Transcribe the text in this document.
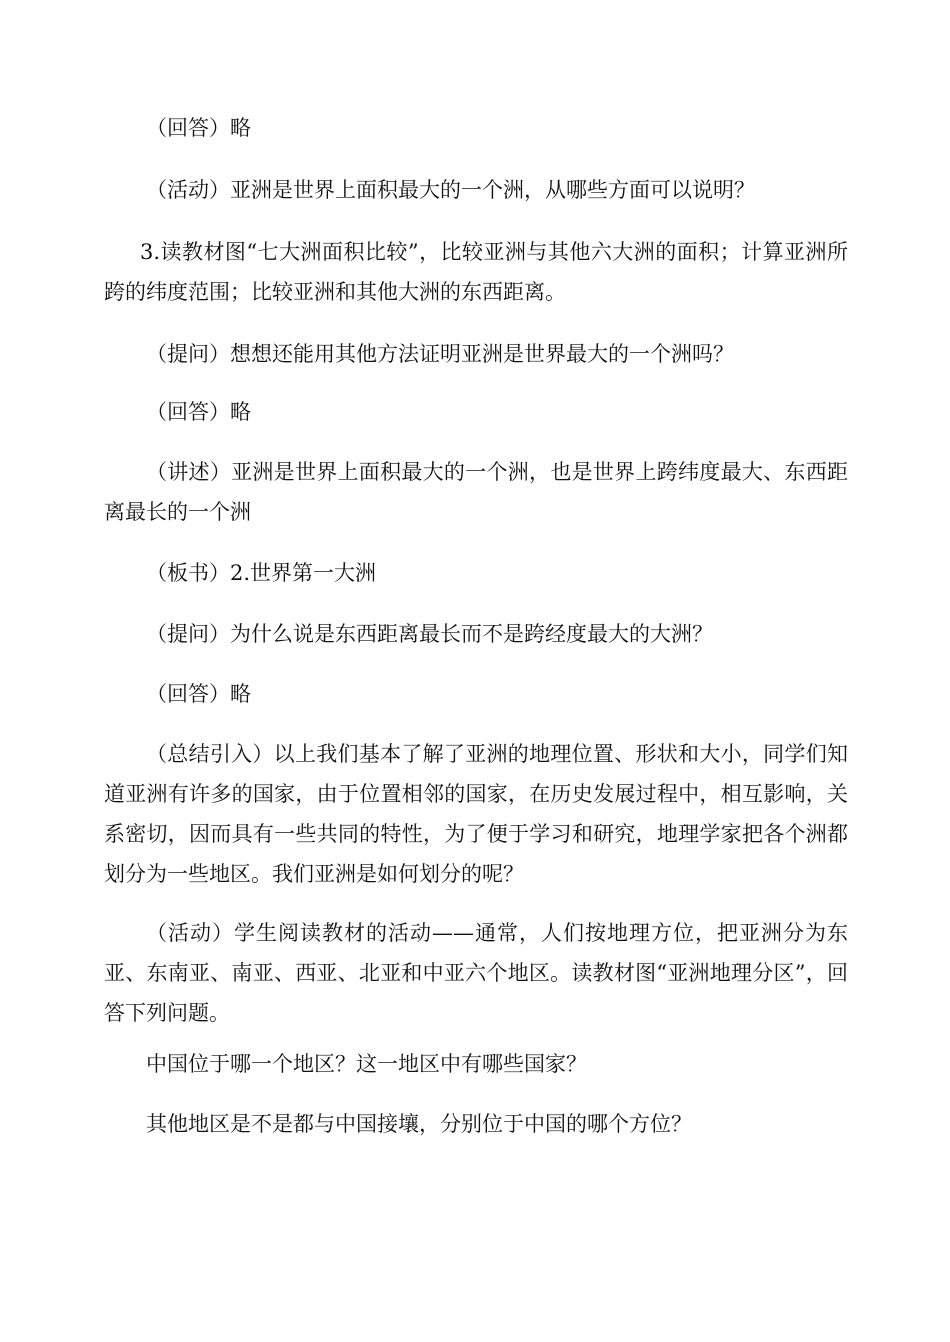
（回答）略

（活动）亚洲是世界上面积最大的一个洲，从哪些方面可以说明？

3.读教材图“七大洲面积比较”，比较亚洲与其他六大洲的面积；计算亚洲所跨的纬度范围；比较亚洲和其他大洲的东西距离。

（提问）想想还能用其他方法证明亚洲是世界最大的一个洲吗？

（回答）略

（讲述）亚洲是世界上面积最大的一个洲，也是世界上跨纬度最大、东西距离最长的一个洲

（板书）2.世界第一大洲

（提问）为什么说是东西距离最长而不是跨经度最大的大洲？

（回答）略

（总结引入）以上我们基本了解了亚洲的地理位置、形状和大小，同学们知道亚洲有许多的国家，由于位置相邻的国家，在历史发展过程中，相互影响，关系密切，因而具有一些共同的特性，为了便于学习和研究，地理学家把各个洲都划分为一些地区。我们亚洲是如何划分的呢？

（活动）学生阅读教材的活动——通常，人们按地理方位，把亚洲分为东亚、东南亚、南亚、西亚、北亚和中亚六个地区。读教材图“亚洲地理分区”，回答下列问题。

中国位于哪一个地区？这一地区中有哪些国家？

其他地区是不是都与中国接壤，分别位于中国的哪个方位？
